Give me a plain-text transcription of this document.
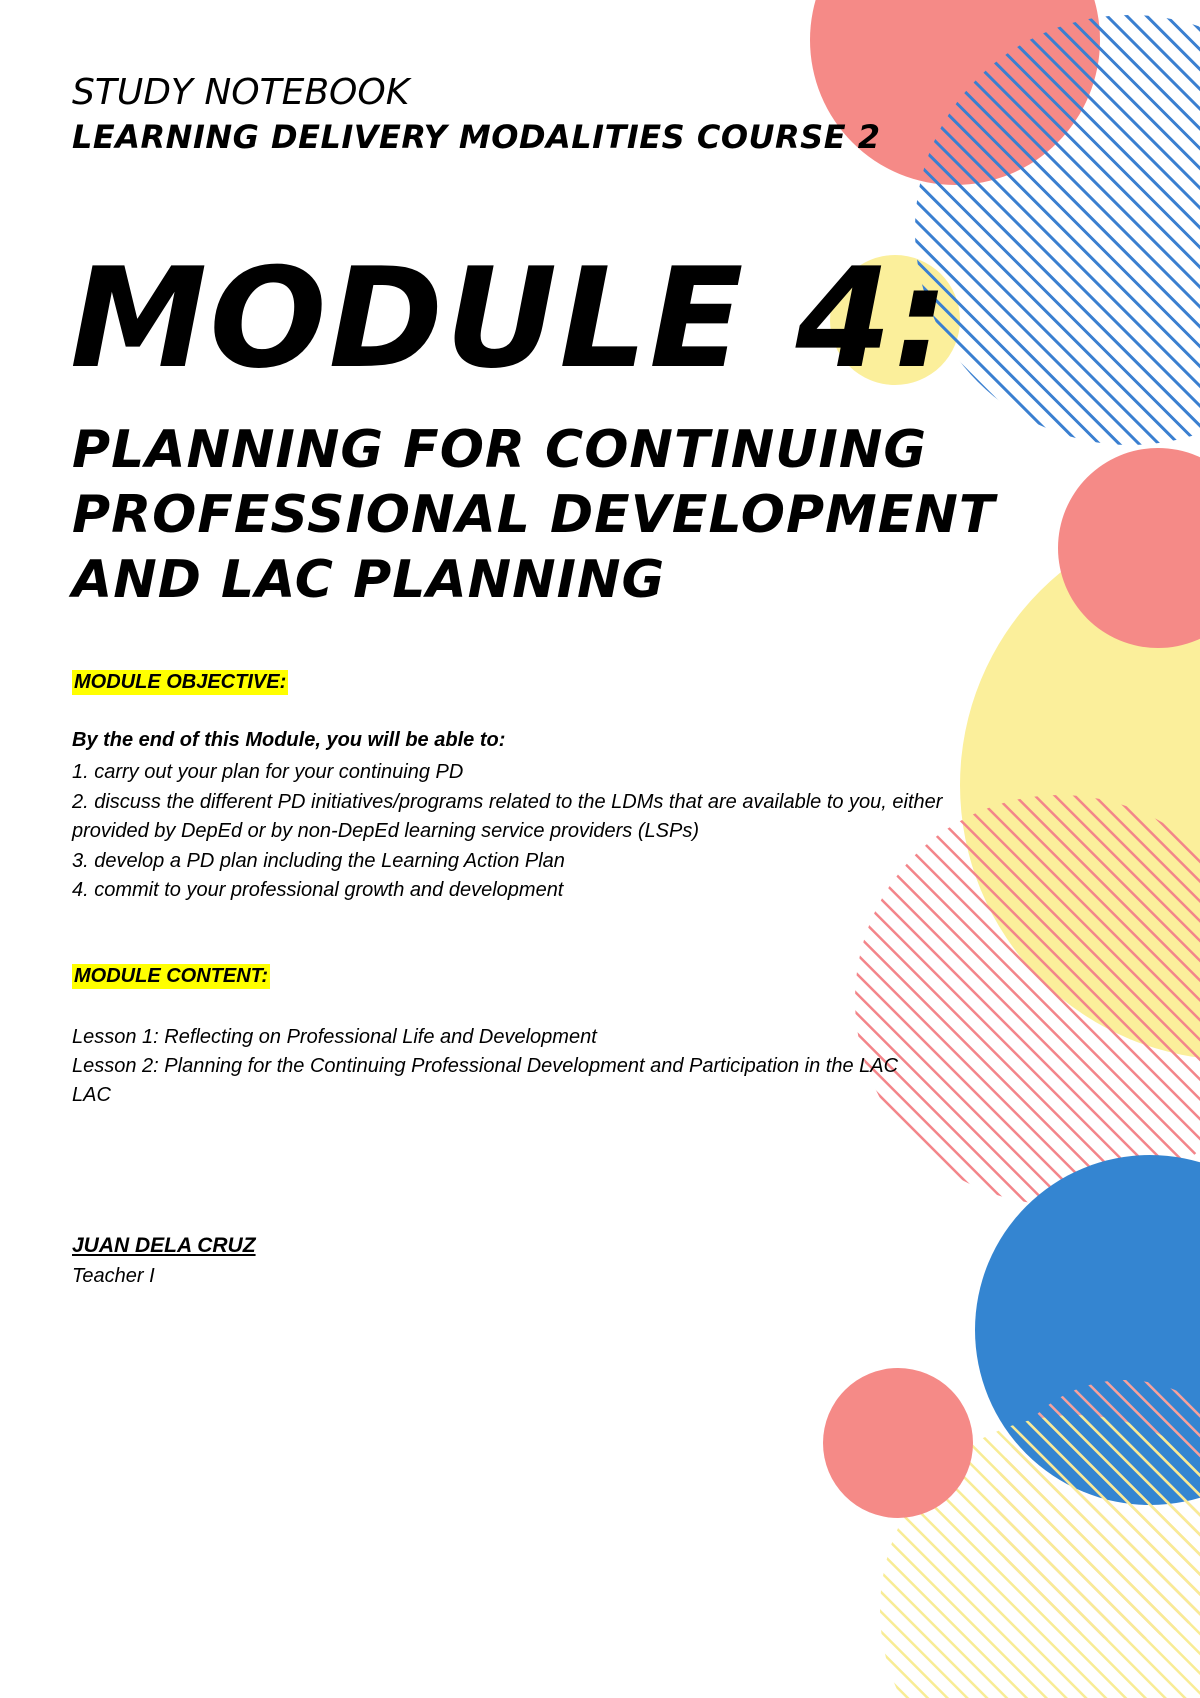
STUDY NOTEBOOK
LEARNING DELIVERY MODALITIES COURSE 2
MODULE 4:
PLANNING FOR CONTINUING
PROFESSIONAL DEVELOPMENT
AND LAC PLANNING
MODULE OBJECTIVE:
By the end of this Module, you will be able to:
1. carry out your plan for your continuing PD
2. discuss the different PD initiatives/programs related to the LDMs that are available to you, either provided by DepEd or by non-DepEd learning service providers (LSPs)
3. develop a PD plan including the Learning Action Plan
4. commit to your professional growth and development
MODULE CONTENT:
Lesson 1: Reflecting on Professional Life and Development
Lesson 2: Planning for the Continuing Professional Development and Participation in the LAC
LAC
JUAN DELA CRUZ
Teacher I
